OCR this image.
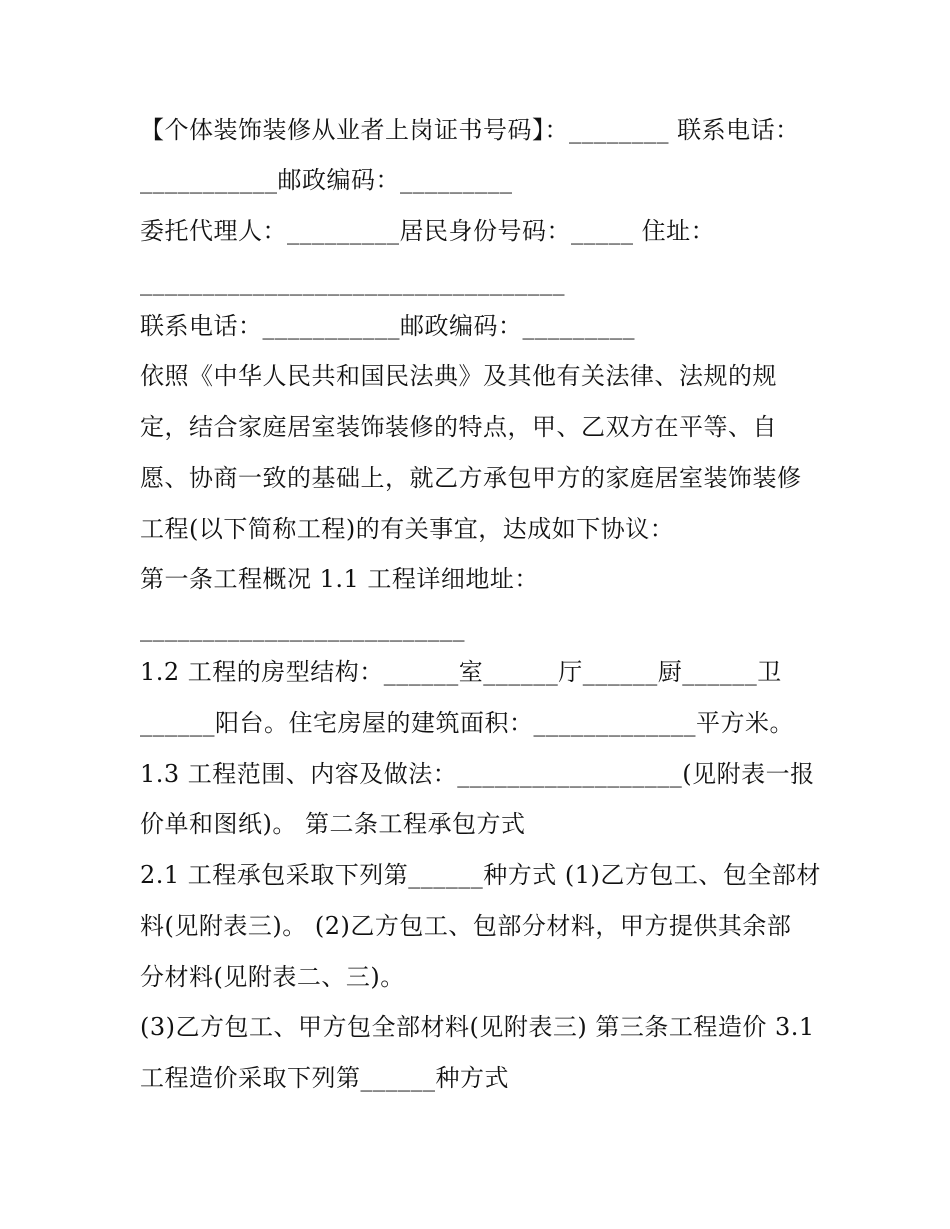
【个体装饰装修从业者上岗证书号码】：________ 联系电话：
___________邮政编码：_________
委托代理人：_________居民身份号码：_____ 住址：
__________________________________
联系电话：___________邮政编码：_________
依照《中华人民共和国民法典》及其他有关法律、法规的规
定，结合家庭居室装饰装修的特点，甲、乙双方在平等、自
愿、协商一致的基础上，就乙方承包甲方的家庭居室装饰装修
工程(以下简称工程)的有关事宜，达成如下协议：
第一条工程概况 1.1 工程详细地址：
__________________________
1.2 工程的房型结构：______室______厅______厨______卫
______阳台。住宅房屋的建筑面积：_____________平方米。
1.3 工程范围、内容及做法：__________________(见附表一报
价单和图纸)。 第二条工程承包方式
2.1 工程承包采取下列第______种方式 (1)乙方包工、包全部材
料(见附表三)。 (2)乙方包工、包部分材料，甲方提供其余部
分材料(见附表二、三)。
(3)乙方包工、甲方包全部材料(见附表三) 第三条工程造价 3.1
工程造价采取下列第______种方式
